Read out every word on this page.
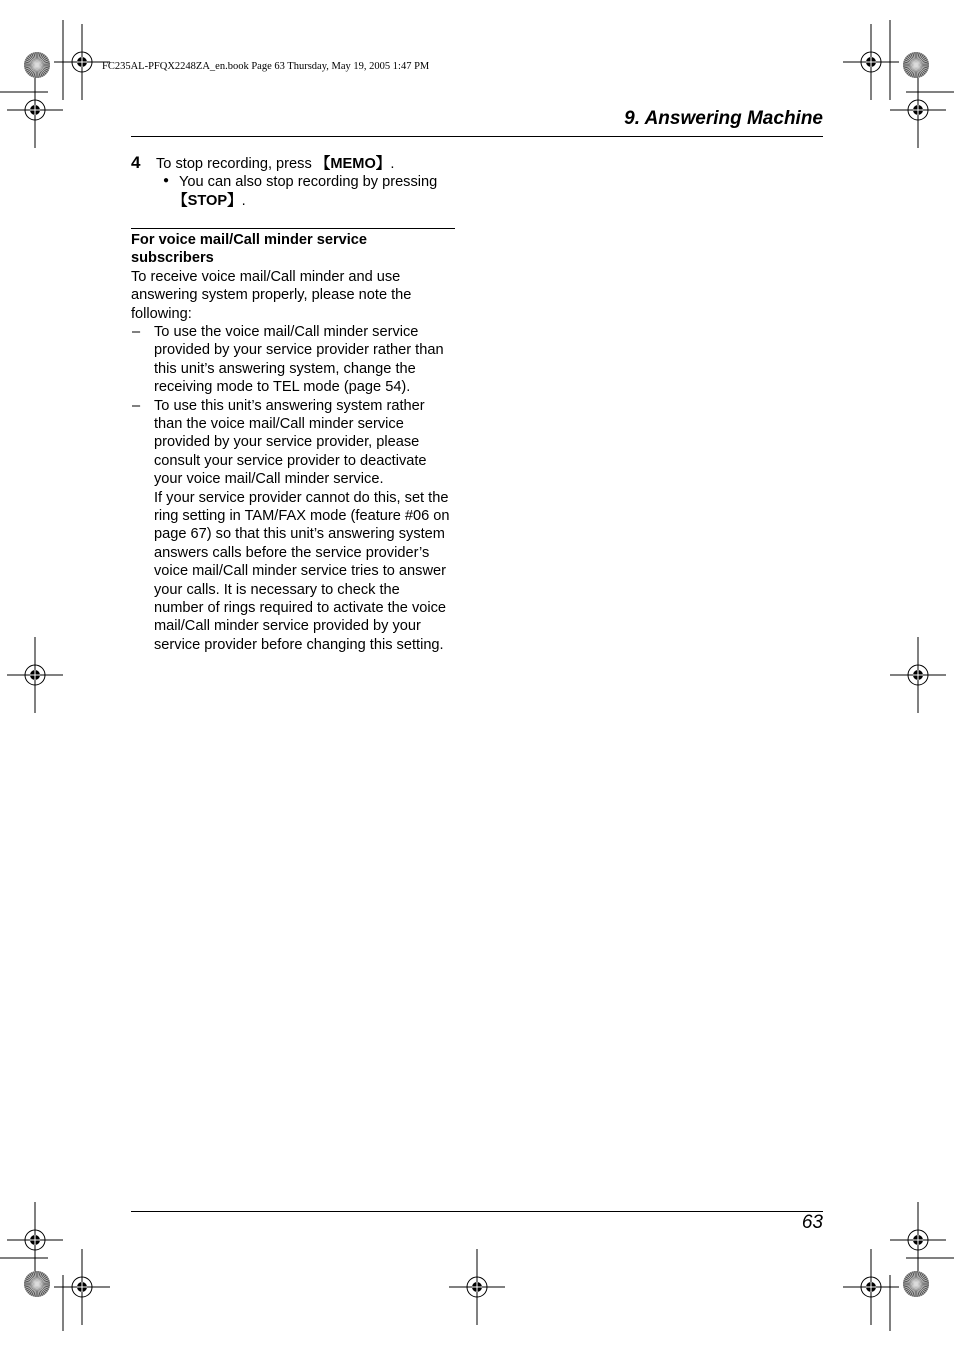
FC235AL-PFQX2248ZA_en.book Page 63 Thursday, May 19, 2005 1:47 PM
9. Answering Machine
4 To stop recording, press 【MEMO】.
● You can also stop recording by pressing
【STOP】.
For voice mail/Call minder service
subscribers
To receive voice mail/Call minder and use
answering system properly, please note the
following:
– To use the voice mail/Call minder service
provided by your service provider rather than
this unit’s answering system, change the
receiving mode to TEL mode (page 54).
– To use this unit’s answering system rather
than the voice mail/Call minder service
provided by your service provider, please
consult your service provider to deactivate
your voice mail/Call minder service.
If your service provider cannot do this, set the
ring setting in TAM/FAX mode (feature #06 on
page 67) so that this unit’s answering system
answers calls before the service provider’s
voice mail/Call minder service tries to answer
your calls. It is necessary to check the
number of rings required to activate the voice
mail/Call minder service provided by your
service provider before changing this setting.
63
